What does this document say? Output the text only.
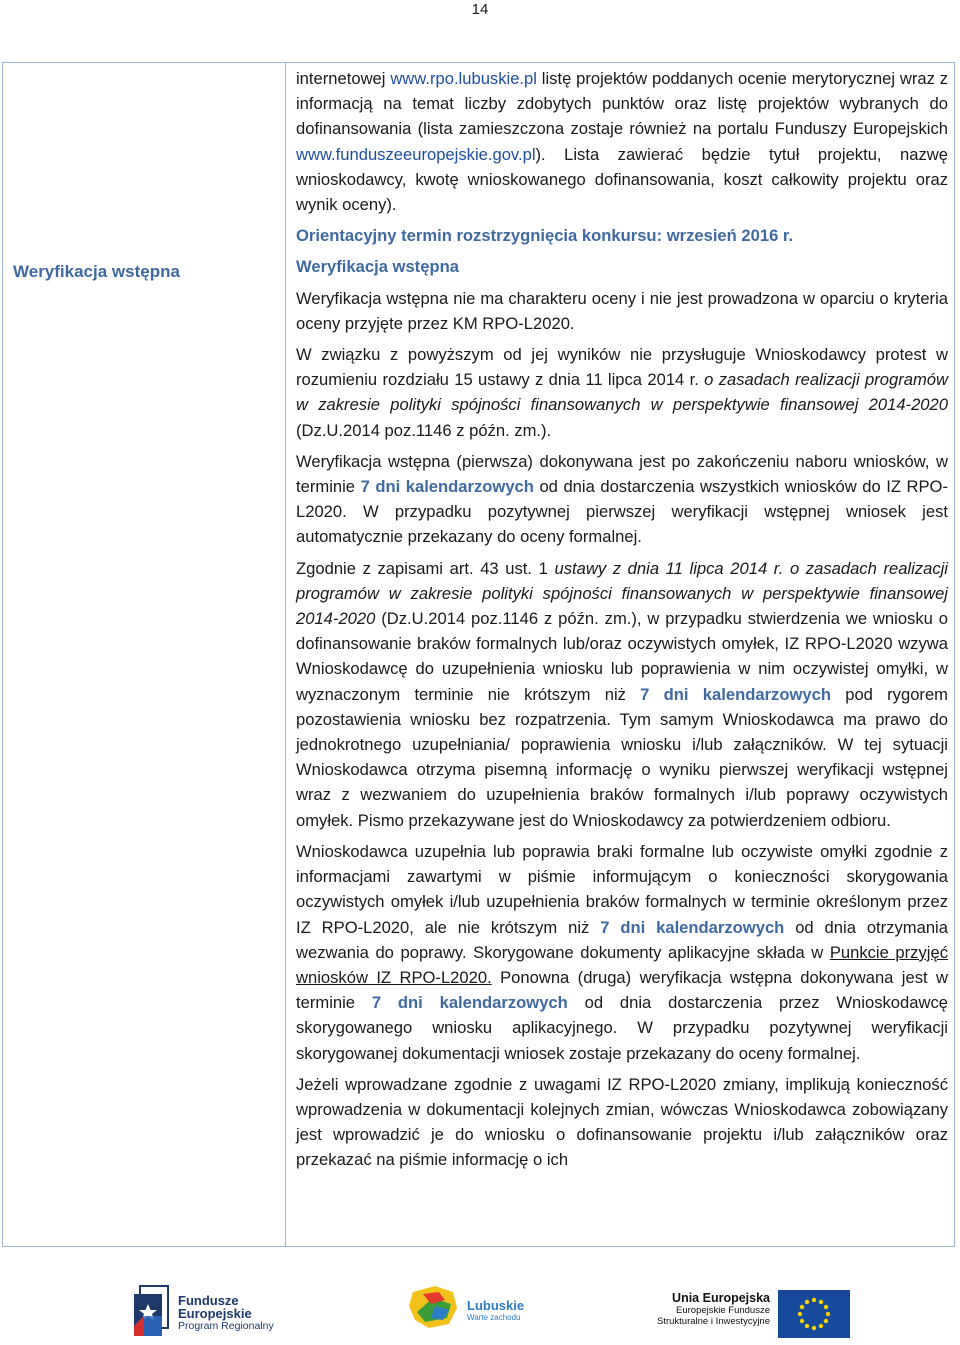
14
Weryfikacja wstępna

internetowej www.rpo.lubuskie.pl listę projektów poddanych ocenie merytorycznej wraz z informacją na temat liczby zdobytych punktów oraz listę projektów wybranych do dofinansowania (lista zamieszczona zostaje również na portalu Funduszy Europejskich www.funduszeeuropejskie.gov.pl). Lista zawierać będzie tytuł projektu, nazwę wnioskodawcy, kwotę wnioskowanego dofinansowania, koszt całkowity projektu oraz wynik oceny).

Orientacyjny termin rozstrzygnięcia konkursu: wrzesień 2016 r.

Weryfikacja wstępna

Weryfikacja wstępna nie ma charakteru oceny i nie jest prowadzona w oparciu o kryteria oceny przyjęte przez KM RPO-L2020.

W związku z powyższym od jej wyników nie przysługuje Wnioskodawcy protest w rozumieniu rozdziału 15 ustawy z dnia 11 lipca 2014 r. o zasadach realizacji programów w zakresie polityki spójności finansowanych w perspektywie finansowej 2014-2020 (Dz.U.2014 poz.1146 z późn. zm.).

Weryfikacja wstępna (pierwsza) dokonywana jest po zakończeniu naboru wniosków, w terminie 7 dni kalendarzowych od dnia dostarczenia wszystkich wniosków do IZ RPO-L2020. W przypadku pozytywnej pierwszej weryfikacji wstępnej wniosek jest automatycznie przekazany do oceny formalnej.

Zgodnie z zapisami art. 43 ust. 1 ustawy z dnia 11 lipca 2014 r. o zasadach realizacji programów w zakresie polityki spójności finansowanych w perspektywie finansowej 2014-2020 (Dz.U.2014 poz.1146 z późn. zm.), w przypadku stwierdzenia we wniosku o dofinansowanie braków formalnych lub/oraz oczywistych omyłek, IZ RPO-L2020 wzywa Wnioskodawcę do uzupełnienia wniosku lub poprawienia w nim oczywistej omyłki, w wyznaczonym terminie nie krótszym niż 7 dni kalendarzowych pod rygorem pozostawienia wniosku bez rozpatrzenia. Tym samym Wnioskodawca ma prawo do jednokrotnego uzupełniania/ poprawienia wniosku i/lub załączników. W tej sytuacji Wnioskodawca otrzyma pisemną informację o wyniku pierwszej weryfikacji wstępnej wraz z wezwaniem do uzupełnienia braków formalnych i/lub poprawy oczywistych omyłek. Pismo przekazywane jest do Wnioskodawcy za potwierdzeniem odbioru.

Wnioskodawca uzupełnia lub poprawia braki formalne lub oczywiste omyłki zgodnie z informacjami zawartymi w piśmie informującym o konieczności skorygowania oczywistych omyłek i/lub uzupełnienia braków formalnych w terminie określonym przez IZ RPO-L2020, ale nie krótszym niż 7 dni kalendarzowych od dnia otrzymania wezwania do poprawy. Skorygowane dokumenty aplikacyjne składa w Punkcie przyjęć wniosków IZ RPO-L2020. Ponowna (druga) weryfikacja wstępna dokonywana jest w terminie 7 dni kalendarzowych od dnia dostarczenia przez Wnioskodawcę skorygowanego wniosku aplikacyjnego. W przypadku pozytywnej weryfikacji skorygowanej dokumentacji wniosek zostaje przekazany do oceny formalnej.

Jeżeli wprowadzane zgodnie z uwagami IZ RPO-L2020 zmiany, implikują konieczność wprowadzenia w dokumentacji kolejnych zmian, wówczas Wnioskodawca zobowiązany jest wprowadzić je do wniosku o dofinansowanie projektu i/lub załączników oraz przekazać na piśmie informację o ich

Fundusze
Europejskie
Program Regionalny
Lubuskie
Warte zachodu
Unia Europejska
Europejskie Fundusze
Strukturalne i Inwestycyjne
